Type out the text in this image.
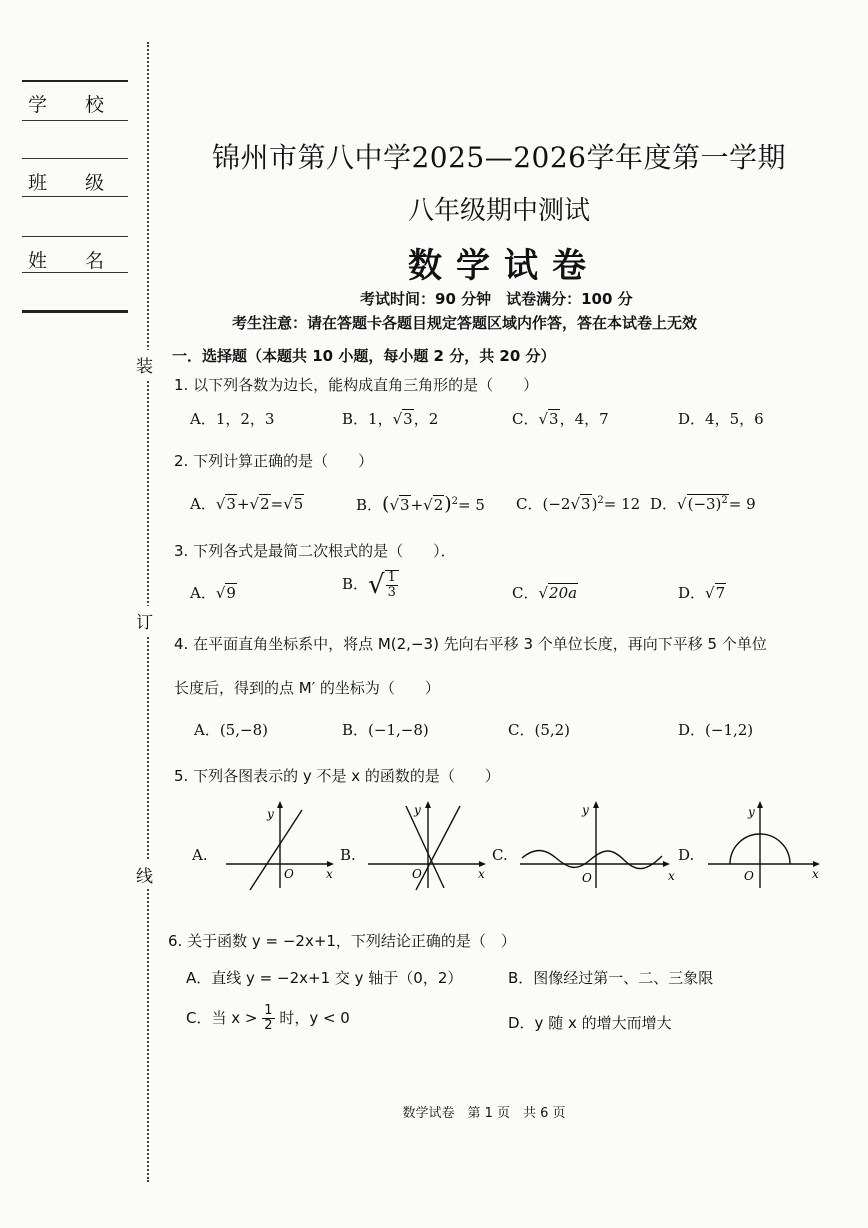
学　　校
班　　级
姓　　名
装
订
线
锦州市第八中学2025—2026学年度第一学期
八年级期中测试
数学试卷
考试时间：90 分钟　试卷满分：100 分
考生注意：请在答题卡各题目规定答题区域内作答，答在本试卷上无效
一．选择题（本题共 10 小题，每小题 2 分，共 20 分）
1. 以下列各数为边长，能构成直角三角形的是（　　）
A．1，2，3	B．1，√3，2	C．√3，4，7	D．4，5，6
2. 下列计算正确的是（　　）
A．√3+√2=√5	B．$(√3+√2)^2= 5$ C．$(-2√3)^2= 12$ D．$√(-3)^2= 9$
3. 下列各式是最简二次根式的是（　　）．
A．√9	B．√ $\frac{1}{3}$	C．√20a	D．√7
4. 在平面直角坐标系中，将点 M(2,−3) 先向右平移 3 个单位长度，再向下平移 5 个单位
长度后，得到的点 M′ 的坐标为（　　）
A．(5,−8)	B．(−1,−8)	C．(5,2)	D．(−1,2)
5. 下列各图表示的 y 不是 x 的函数的是（　　）
A.
y
x
O
B.
y
x
O
C.
y
x
O
D.
y
x
O
6. 关于函数 y = −2x+1，下列结论正确的是（　）
A．直线 y = −2x+1 交 y 轴于（0，2）	B．图像经过第一、二、三象限
C．当 $x > \frac{1}{2}$ 时，y < 0	D．y 随 x 的增大而增大
数学试卷　第 1 页　共 6 页
